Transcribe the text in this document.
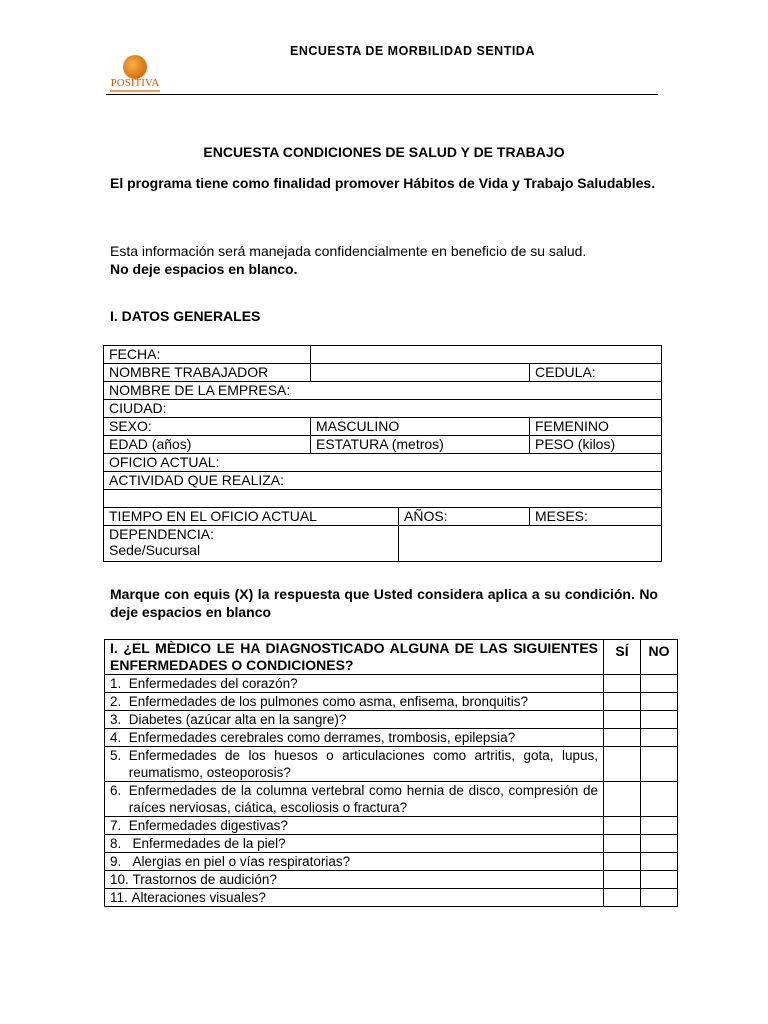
POSITIVA
ENCUESTA DE MORBILIDAD SENTIDA
ENCUESTA CONDICIONES DE SALUD Y DE TRABAJO
El programa tiene como finalidad promover Hábitos de Vida y Trabajo Saludables.
Esta información será manejada confidencialmente en beneficio de su salud.
No deje espacios en blanco.
I. DATOS GENERALES
FECHA:			
NOMBRE TRABAJADOR			CEDULA:
NOMBRE DE LA EMPRESA:			
CIUDAD:			
SEXO:	MASCULINO		FEMENINO
EDAD (años)	ESTATURA (metros)		PESO (kilos)
OFICIO ACTUAL:			
ACTIVIDAD QUE REALIZA:			

TIEMPO EN EL OFICIO ACTUAL		AÑOS:	MESES:
DEPENDENCIA:
Sede/Sucursal			
Marque con equis (X) la respuesta que Usted considera aplica a su condición. No deje espacios en blanco
I. ¿EL MÈDICO LE HA DIAGNOSTICADO ALGUNA DE LAS SIGUIENTES ENFERMEDADES O CONDICIONES?	SÍ	NO

1. Enfermedades del corazón?		

2. Enfermedades de los pulmones como asma, enfisema, bronquitis?		

3. Diabetes (azúcar alta en la sangre)?		

4. Enfermedades cerebrales como derrames, trombosis, epilepsia?		

5. Enfermedades de los huesos o articulaciones como artritis, gota, lupus, reumatismo, osteoporosis?		

6. Enfermedades de la columna vertebral como hernia de disco, compresión de raíces nerviosas, ciática, escoliosis o fractura?		

7. Enfermedades digestivas?		

8. Enfermedades de la piel?		

9. Alergias en piel o vías respiratorias?		

10. Trastornos de audición?		

11. Alteraciones visuales?		
